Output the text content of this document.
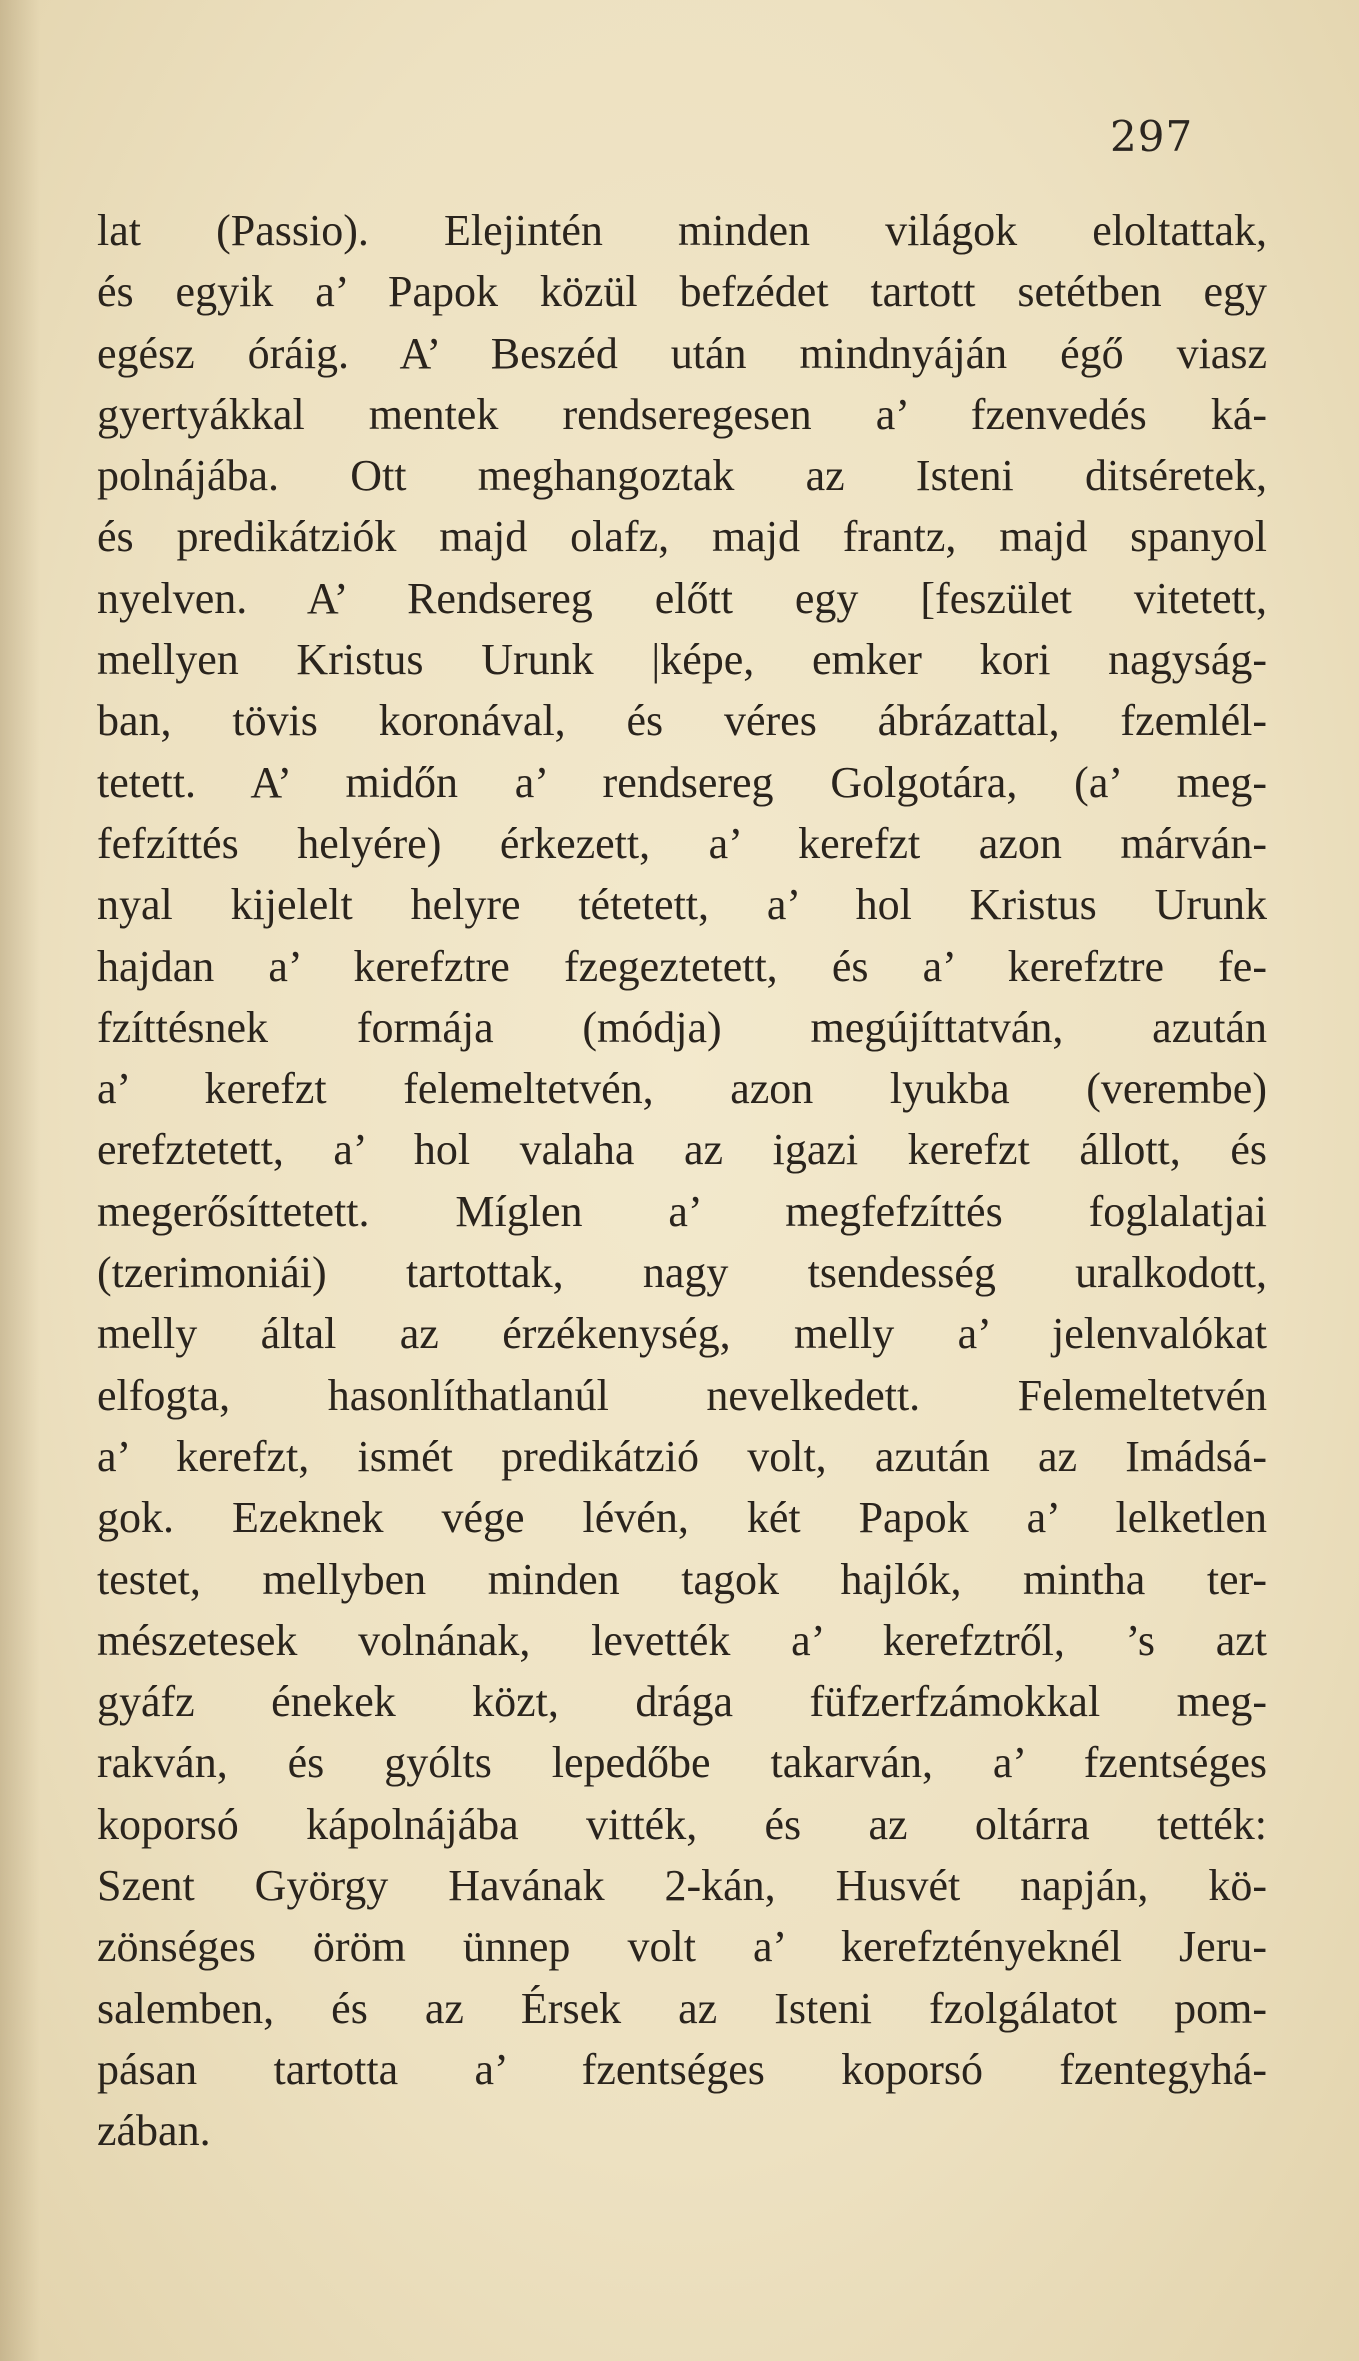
297
lat (Passio). Elejintén minden világok eloltattak,
és egyik a’ Papok közül befzédet tartott setétben egy
egész óráig. A’ Beszéd után mindnyáján égő viasz
gyertyákkal mentek rendseregesen a’ fzenvedés ká-
polnájába. Ott meghangoztak az Isteni ditséretek,
és predikátziók majd olafz, majd frantz, majd spanyol
nyelven. A’ Rendsereg előtt egy [feszület vitetett,
mellyen Kristus Urunk |képe, emker kori nagyság-
ban, tövis koronával, és véres ábrázattal, fzemlél-
tetett. A’ midőn a’ rendsereg Golgotára, (a’ meg-
fefzíttés helyére) érkezett, a’ kerefzt azon márván-
nyal kijelelt helyre tétetett, a’ hol Kristus Urunk
hajdan a’ kerefztre fzegeztetett, és a’ kerefztre fe-
fzíttésnek formája (módja) megújíttatván, azután
a’ kerefzt felemeltetvén, azon lyukba (verembe)
erefztetett, a’ hol valaha az igazi kerefzt állott, és
megerősíttetett. Míglen a’ megfefzíttés foglalatjai
(tzerimoniái) tartottak, nagy tsendesség uralkodott,
melly által az érzékenység, melly a’ jelenvalókat
elfogta, hasonlíthatlanúl nevelkedett. Felemeltetvén
a’ kerefzt, ismét predikátzió volt, azután az Imádsá-
gok. Ezeknek vége lévén, két Papok a’ lelketlen
testet, mellyben minden tagok hajlók, mintha ter-
mészetesek volnának, levették a’ kerefztről, ’s azt
gyáfz énekek közt, drága füfzerfzámokkal meg-
rakván, és gyólts lepedőbe takarván, a’ fzentséges
koporsó kápolnájába vitték, és az oltárra tették:
Szent György Havának 2-kán, Husvét napján, kö-
zönséges öröm ünnep volt a’ kerefztényeknél Jeru-
salemben, és az Érsek az Isteni fzolgálatot pom-
pásan tartotta a’ fzentséges koporsó fzentegyhá-
zában.
